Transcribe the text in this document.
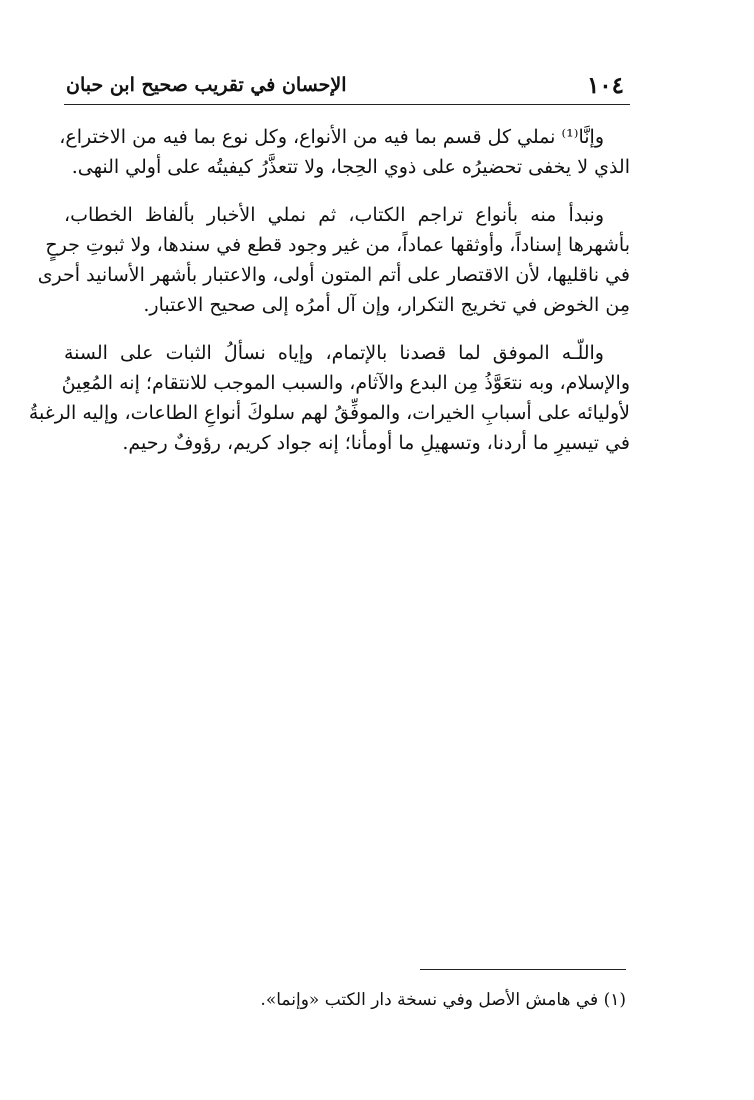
١٠٤
الإحسان في تقريب صحيح ابن حبان
وإنَّا⁽¹⁾ نملي كل قسم بما فيه من الأنواع، وكل نوع بما فيه من الاختراع،
الذي لا يخفى تحضيرُه على ذوي الحِجا، ولا تتعذَّرُ كيفيتُه على أولي النهى.
ونبدأ منه بأنواع تراجم الكتاب، ثم نملي الأخبار بألفاظ الخطاب،
بأشهرها إسناداً، وأوثقها عماداً، من غير وجود قطع في سندها، ولا ثبوتِ جرحٍ
في ناقليها، لأن الاقتصار على أتم المتون أولى، والاعتبار بأشهر الأسانيد أحرى
مِن الخوض في تخريج التكرار، وإن آل أمرُه إلى صحيح الاعتبار.
واللّـه الموفق لما قصدنا بالإتمام، وإياه نسألُ الثبات على السنة
والإسلام، وبه نتعَوَّذُ مِن البدع والآثام، والسبب الموجب للانتقام؛ إنه المُعِينُ
لأوليائه على أسبابِ الخيرات، والموفِّقُ لهم سلوكَ أنواعِ الطاعات، وإليه الرغبةُ
في تيسيرِ ما أردنا، وتسهيلِ ما أومأنا؛ إنه جواد كريم، رؤوفٌ رحيم.
(١) في هامش الأصل وفي نسخة دار الكتب «وإنما».
